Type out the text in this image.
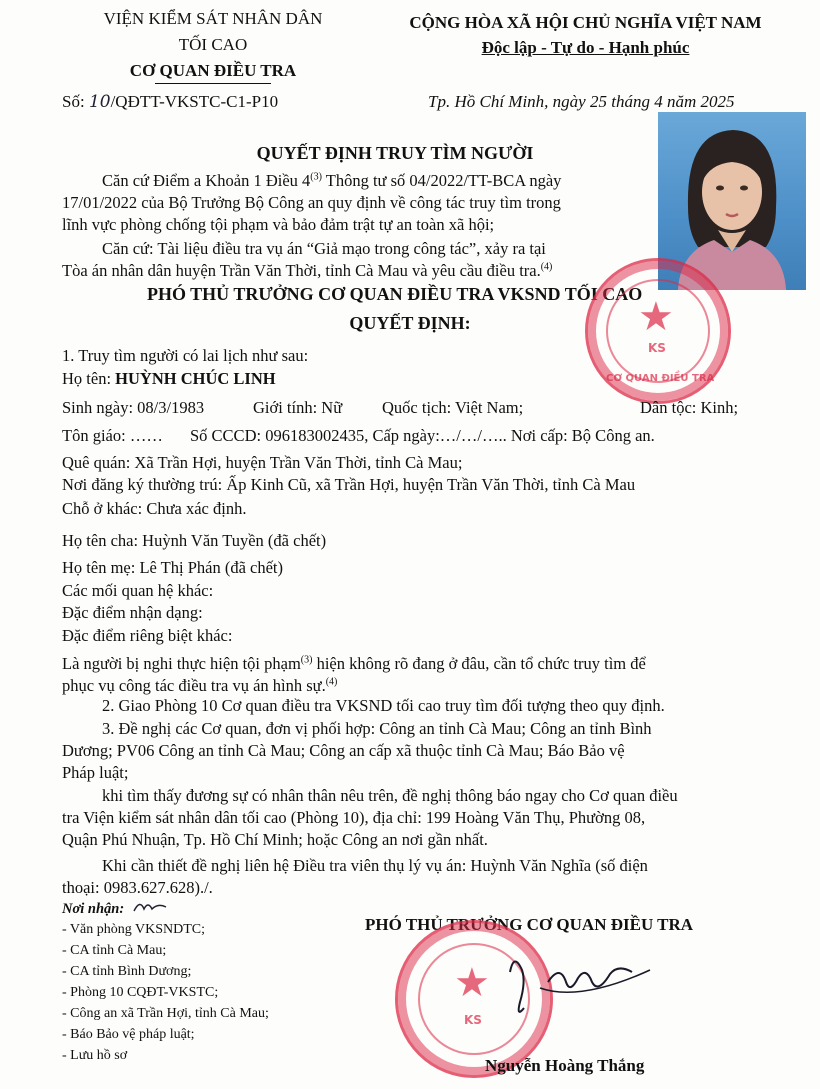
VIỆN KIỂM SÁT NHÂN DÂN
TỐI CAO
CƠ QUAN ĐIỀU TRA
Số: 10/QĐTT-VKSTC-C1-P10
CỘNG HÒA XÃ HỘI CHỦ NGHĨA VIỆT NAM
Độc lập - Tự do - Hạnh phúc
Tp. Hồ Chí Minh, ngày 25 tháng 4 năm 2025
QUYẾT ĐỊNH TRUY TÌM NGƯỜI
Căn cứ Điểm a Khoản 1 Điều 4$^{(3)}$ Thông tư số 04/2022/TT-BCA ngày
17/01/2022 của Bộ Trưởng Bộ Công an quy định về công tác truy tìm trong
lĩnh vực phòng chống tội phạm và bảo đảm trật tự an toàn xã hội;
Căn cứ: Tài liệu điều tra vụ án “Giả mạo trong công tác”, xảy ra tại
Tòa án nhân dân huyện Trần Văn Thời, tỉnh Cà Mau và yêu cầu điều tra.$^{(4)}$
PHÓ THỦ TRƯỞNG CƠ QUAN ĐIỀU TRA VKSND TỐI CAO
QUYẾT ĐỊNH:	★
KS
CƠ QUAN ĐIỀU TRA
1. Truy tìm người có lai lịch như sau:
Họ tên: HUỲNH CHÚC LINH
Sinh ngày: 08/3/1983	Giới tính: Nữ Quốc tịch: Việt Nam;	Dân tộc: Kinh;
Tôn giáo: …… Số CCCD: 096183002435, Cấp ngày:…/…/….. Nơi cấp: Bộ Công an.
Quê quán: Xã Trần Hợi, huyện Trần Văn Thời, tỉnh Cà Mau;
Nơi đăng ký thường trú: Ấp Kinh Cũ, xã Trần Hợi, huyện Trần Văn Thời, tỉnh Cà Mau
Chỗ ở khác: Chưa xác định.
Họ tên cha: Huỳnh Văn Tuyền (đã chết)
Họ tên mẹ: Lê Thị Phán (đã chết)
Các mối quan hệ khác:
Đặc điểm nhận dạng:
Đặc điểm riêng biệt khác:
Là người bị nghi thực hiện tội phạm$^{(3)}$ hiện không rõ đang ở đâu, cần tổ chức truy tìm để
phục vụ công tác điều tra vụ án hình sự.$^{(4)}$
2. Giao Phòng 10 Cơ quan điều tra VKSND tối cao truy tìm đối tượng theo quy định.
3. Đề nghị các Cơ quan, đơn vị phối hợp: Công an tỉnh Cà Mau; Công an tỉnh Bình
Dương; PV06 Công an tỉnh Cà Mau; Công an cấp xã thuộc tỉnh Cà Mau; Báo Bảo vệ
Pháp luật;
khi tìm thấy đương sự có nhân thân nêu trên, đề nghị thông báo ngay cho Cơ quan điều
tra Viện kiểm sát nhân dân tối cao (Phòng 10), địa chỉ: 199 Hoàng Văn Thụ, Phường 08,
Quận Phú Nhuận, Tp. Hồ Chí Minh; hoặc Công an nơi gần nhất.
Khi cần thiết đề nghị liên hệ Điều tra viên thụ lý vụ án: Huỳnh Văn Nghĩa (số điện
thoại: 0983.627.628)./.
Nơi nhận:
- Văn phòng VKSNDTC;
- CA tỉnh Cà Mau;
- CA tỉnh Bình Dương;
- Phòng 10 CQĐT-VKSTC;
- Công an xã Trần Hợi, tỉnh Cà Mau;
- Báo Bảo vệ pháp luật;
- Lưu hồ sơ
PHÓ THỦ TRƯỞNG CƠ QUAN ĐIỀU TRA
★
KS
Nguyễn Hoàng Thắng
